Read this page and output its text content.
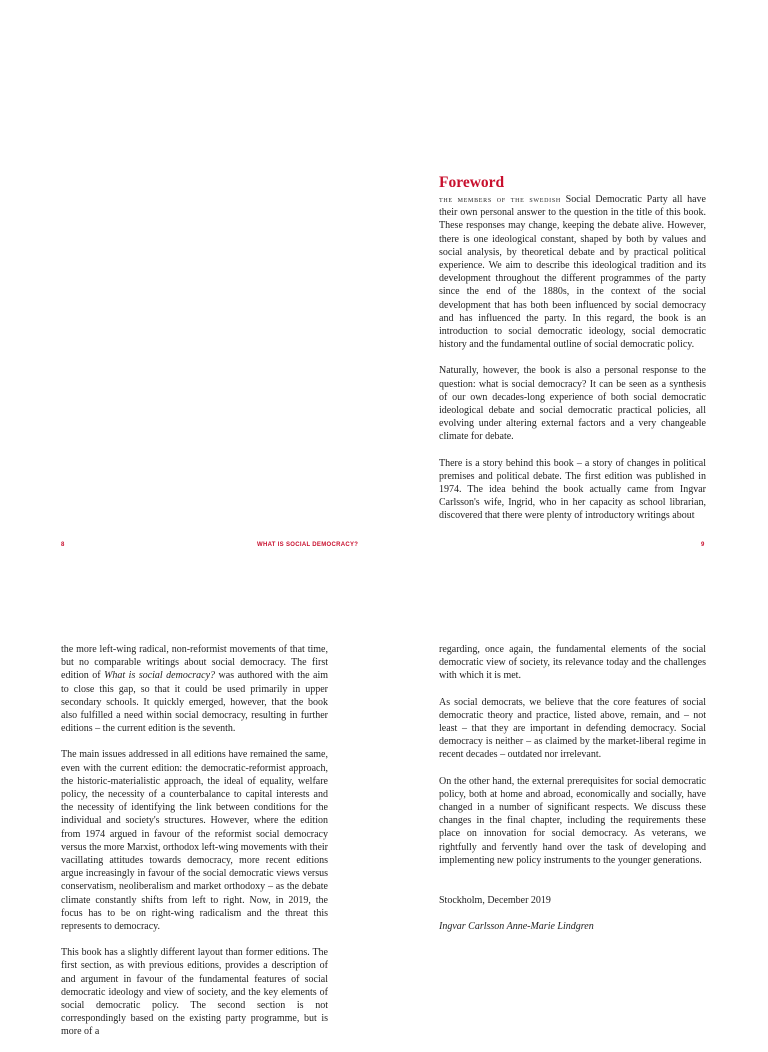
Foreword

the members of the swedish Social Democratic Party all have their own personal answer to the question in the title of this book. These responses may change, keeping the debate alive. However, there is one ideological constant, shaped by both by values and social analysis, by theoretical debate and by practical political experience. We aim to describe this ideological tradition and its development throughout the different programmes of the party since the end of the 1880s, in the context of the social development that has both been influenced by social democracy and has influenced the party. In this regard, the book is an introduction to social democratic ideology, social democratic history and the fundamental outline of social democratic policy.

Naturally, however, the book is also a personal response to the question: what is social democracy? It can be seen as a synthesis of our own decades-long experience of both social democratic ideological debate and social democratic practical policies, all evolving under altering external factors and a very changeable climate for debate.

There is a story behind this book – a story of changes in political premises and political debate. The first edition was published in 1974. The idea behind the book actually came from Ingvar Carlsson's wife, Ingrid, who in her capacity as school librarian, discovered that there were plenty of introductory writings about

8	WHAT IS SOCIAL DEMOCRACY?	9

the more left-wing radical, non-reformist movements of that time, but no comparable writings about social democracy. The first edition of What is social democracy? was authored with the aim to close this gap, so that it could be used primarily in upper secondary schools. It quickly emerged, however, that the book also fulfilled a need within social democracy, resulting in further editions – the current edition is the seventh.

The main issues addressed in all editions have remained the same, even with the current edition: the democratic-reformist approach, the historic-materialistic approach, the ideal of equality, welfare policy, the necessity of a counterbalance to capital interests and the necessity of identifying the link between conditions for the individual and society's structures. However, where the edition from 1974 argued in favour of the reformist social democracy versus the more Marxist, orthodox left-wing movements with their vacillating attitudes towards democracy, more recent editions argue increasingly in favour of the social democratic views versus conservatism, neoliberalism and market orthodoxy – as the debate climate constantly shifts from left to right. Now, in 2019, the focus has to be on right-wing radicalism and the threat this represents to democracy.

This book has a slightly different layout than former editions. The first section, as with previous editions, provides a description of and argument in favour of the fundamental features of social democratic ideology and view of society, and the key elements of social democratic policy. The second section is not correspondingly based on the existing party programme, but is more of a

regarding, once again, the fundamental elements of the social democratic view of society, its relevance today and the challenges with which it is met.

As social democrats, we believe that the core features of social democratic theory and practice, listed above, remain, and – not least – that they are important in defending democracy. Social democracy is neither – as claimed by the market-liberal regime in recent decades – outdated nor irrelevant.

On the other hand, the external prerequisites for social democratic policy, both at home and abroad, economically and socially, have changed in a number of significant respects. We discuss these changes in the final chapter, including the requirements these place on innovation for social democracy. As veterans, we rightfully and fervently hand over the task of developing and implementing new policy instruments to the younger generations.

Stockholm, December 2019

Ingvar Carlsson Anne-Marie Lindgren
